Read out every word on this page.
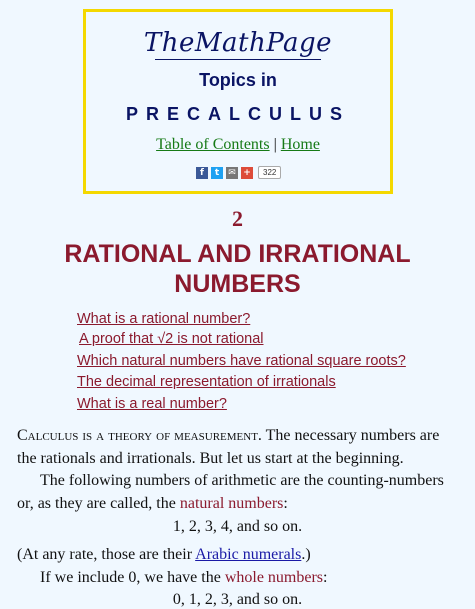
TheMathPage
Topics in
PRECALCULUS
Table of Contents | Home
f	t	✉ +	322
2
RATIONAL AND IRRATIONAL NUMBERS
What is a rational number?
A proof that √2 is not rational
Which natural numbers have rational square roots?
The decimal representation of irrationals
What is a real number?
Calculus is a theory of measurement. The necessary numbers are the rationals and irrationals. But let us start at the beginning.
The following numbers of arithmetic are the counting-numbers or, as they are called, the natural numbers:
1, 2, 3, 4, and so on.
(At any rate, those are their Arabic numerals.)
If we include 0, we have the whole numbers:
0, 1, 2, 3, and so on.
